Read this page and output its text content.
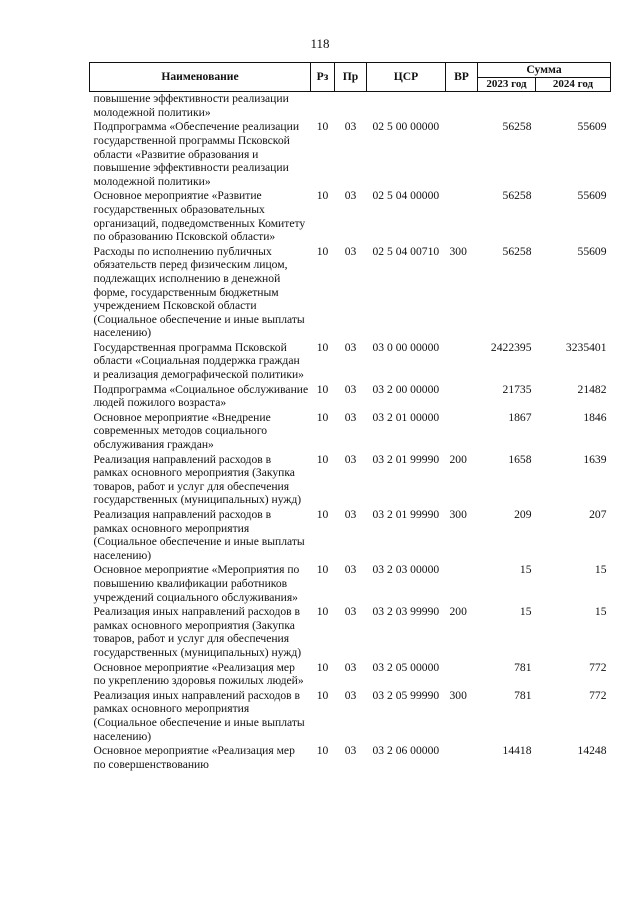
118
Наименование	Рз	Пр	ЦСР	ВР	Сумма	
					2023 год	2024 год
повышение эффективности реализации молодежной политики»						
Подпрограмма «Обеспечение реализации государственной программы Псковской области «Развитие образования и повышение эффективности реализации молодежной политики»	10	03	02 5 00 00000		56258	55609
Основное мероприятие «Развитие государственных образовательных организаций, подведомственных Комитету по образованию Псковской области»	10	03	02 5 04 00000		56258	55609
Расходы по исполнению публичных обязательств перед физическим лицом, подлежащих исполнению в денежной форме, государственным бюджетным учреждением Псковской области (Социальное обеспечение и иные выплаты населению)	10	03	02 5 04 00710	300	56258	55609
Государственная программа Псковской области «Социальная поддержка граждан и реализация демографической политики»	10	03	03 0 00 00000		2422395	3235401
Подпрограмма «Социальное обслуживание людей пожилого возраста»	10	03	03 2 00 00000		21735	21482
Основное мероприятие «Внедрение современных методов социального обслуживания граждан»	10	03	03 2 01 00000		1867	1846
Реализация направлений расходов в рамках основного мероприятия (Закупка товаров, работ и услуг для обеспечения государственных (муниципальных) нужд)	10	03	03 2 01 99990	200	1658	1639
Реализация направлений расходов в рамках основного мероприятия (Социальное обеспечение и иные выплаты населению)	10	03	03 2 01 99990	300	209	207
Основное мероприятие «Мероприятия по повышению квалификации работников учреждений социального обслуживания»	10	03	03 2 03 00000		15	15
Реализация иных направлений расходов в рамках основного мероприятия (Закупка товаров, работ и услуг для обеспечения государственных (муниципальных) нужд)	10	03	03 2 03 99990	200	15	15
Основное мероприятие «Реализация мер по укреплению здоровья пожилых людей»	10	03	03 2 05 00000		781	772
Реализация иных направлений расходов в рамках основного мероприятия (Социальное обеспечение и иные выплаты населению)	10	03	03 2 05 99990	300	781	772
Основное мероприятие «Реализация мер по совершенствованию	10	03	03 2 06 00000		14418	14248
